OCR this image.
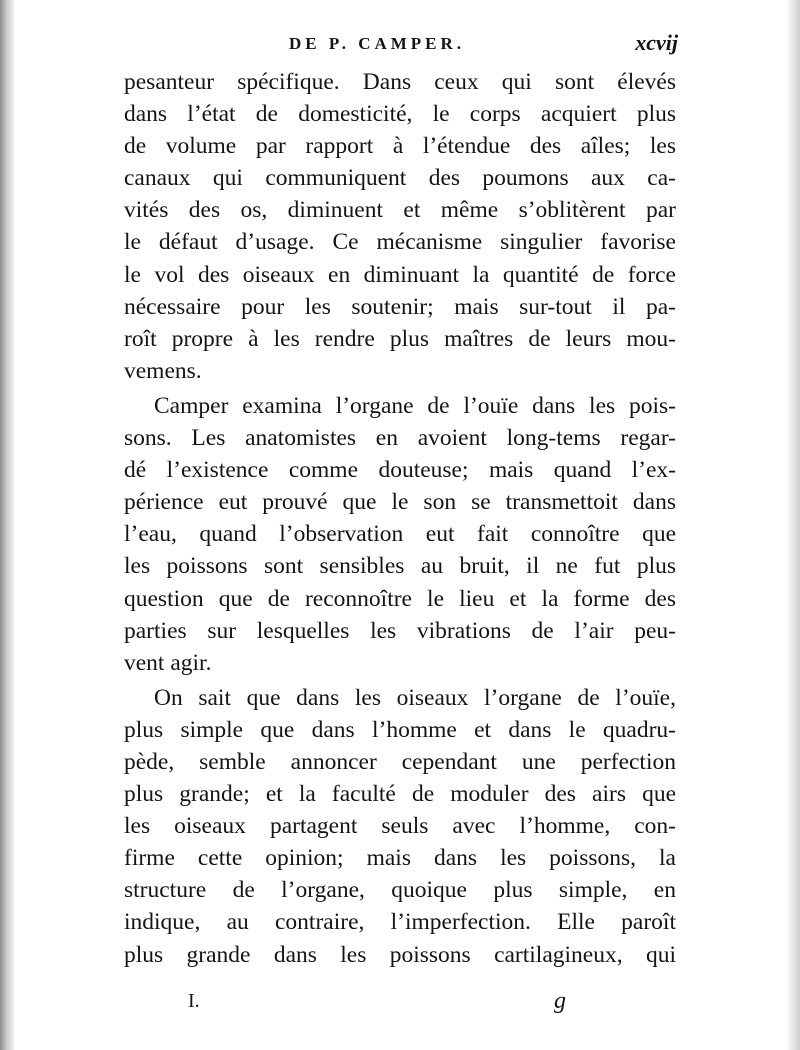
DE P. CAMPER.	xcvij
pesanteur spécifique. Dans ceux qui sont élevés
dans l’état de domesticité, le corps acquiert plus
de volume par rapport à l’étendue des aîles; les
canaux qui communiquent des poumons aux ca-
vités des os, diminuent et même s’oblitèrent par
le défaut d’usage. Ce mécanisme singulier favorise
le vol des oiseaux en diminuant la quantité de force
nécessaire pour les soutenir; mais sur-tout il pa-
roît propre à les rendre plus maîtres de leurs mou-
vemens.
Camper examina l’organe de l’ouïe dans les pois-
sons. Les anatomistes en avoient long-tems regar-
dé l’existence comme douteuse; mais quand l’ex-
périence eut prouvé que le son se transmettoit dans
l’eau, quand l’observation eut fait connoître que
les poissons sont sensibles au bruit, il ne fut plus
question que de reconnoître le lieu et la forme des
parties sur lesquelles les vibrations de l’air peu-
vent agir.
On sait que dans les oiseaux l’organe de l’ouïe,
plus simple que dans l’homme et dans le quadru-
pède, semble annoncer cependant une perfection
plus grande; et la faculté de moduler des airs que
les oiseaux partagent seuls avec l’homme, con-
firme cette opinion; mais dans les poissons, la
structure de l’organe, quoique plus simple, en
indique, au contraire, l’imperfection. Elle paroît
plus grande dans les poissons cartilagineux, qui
I.	g
